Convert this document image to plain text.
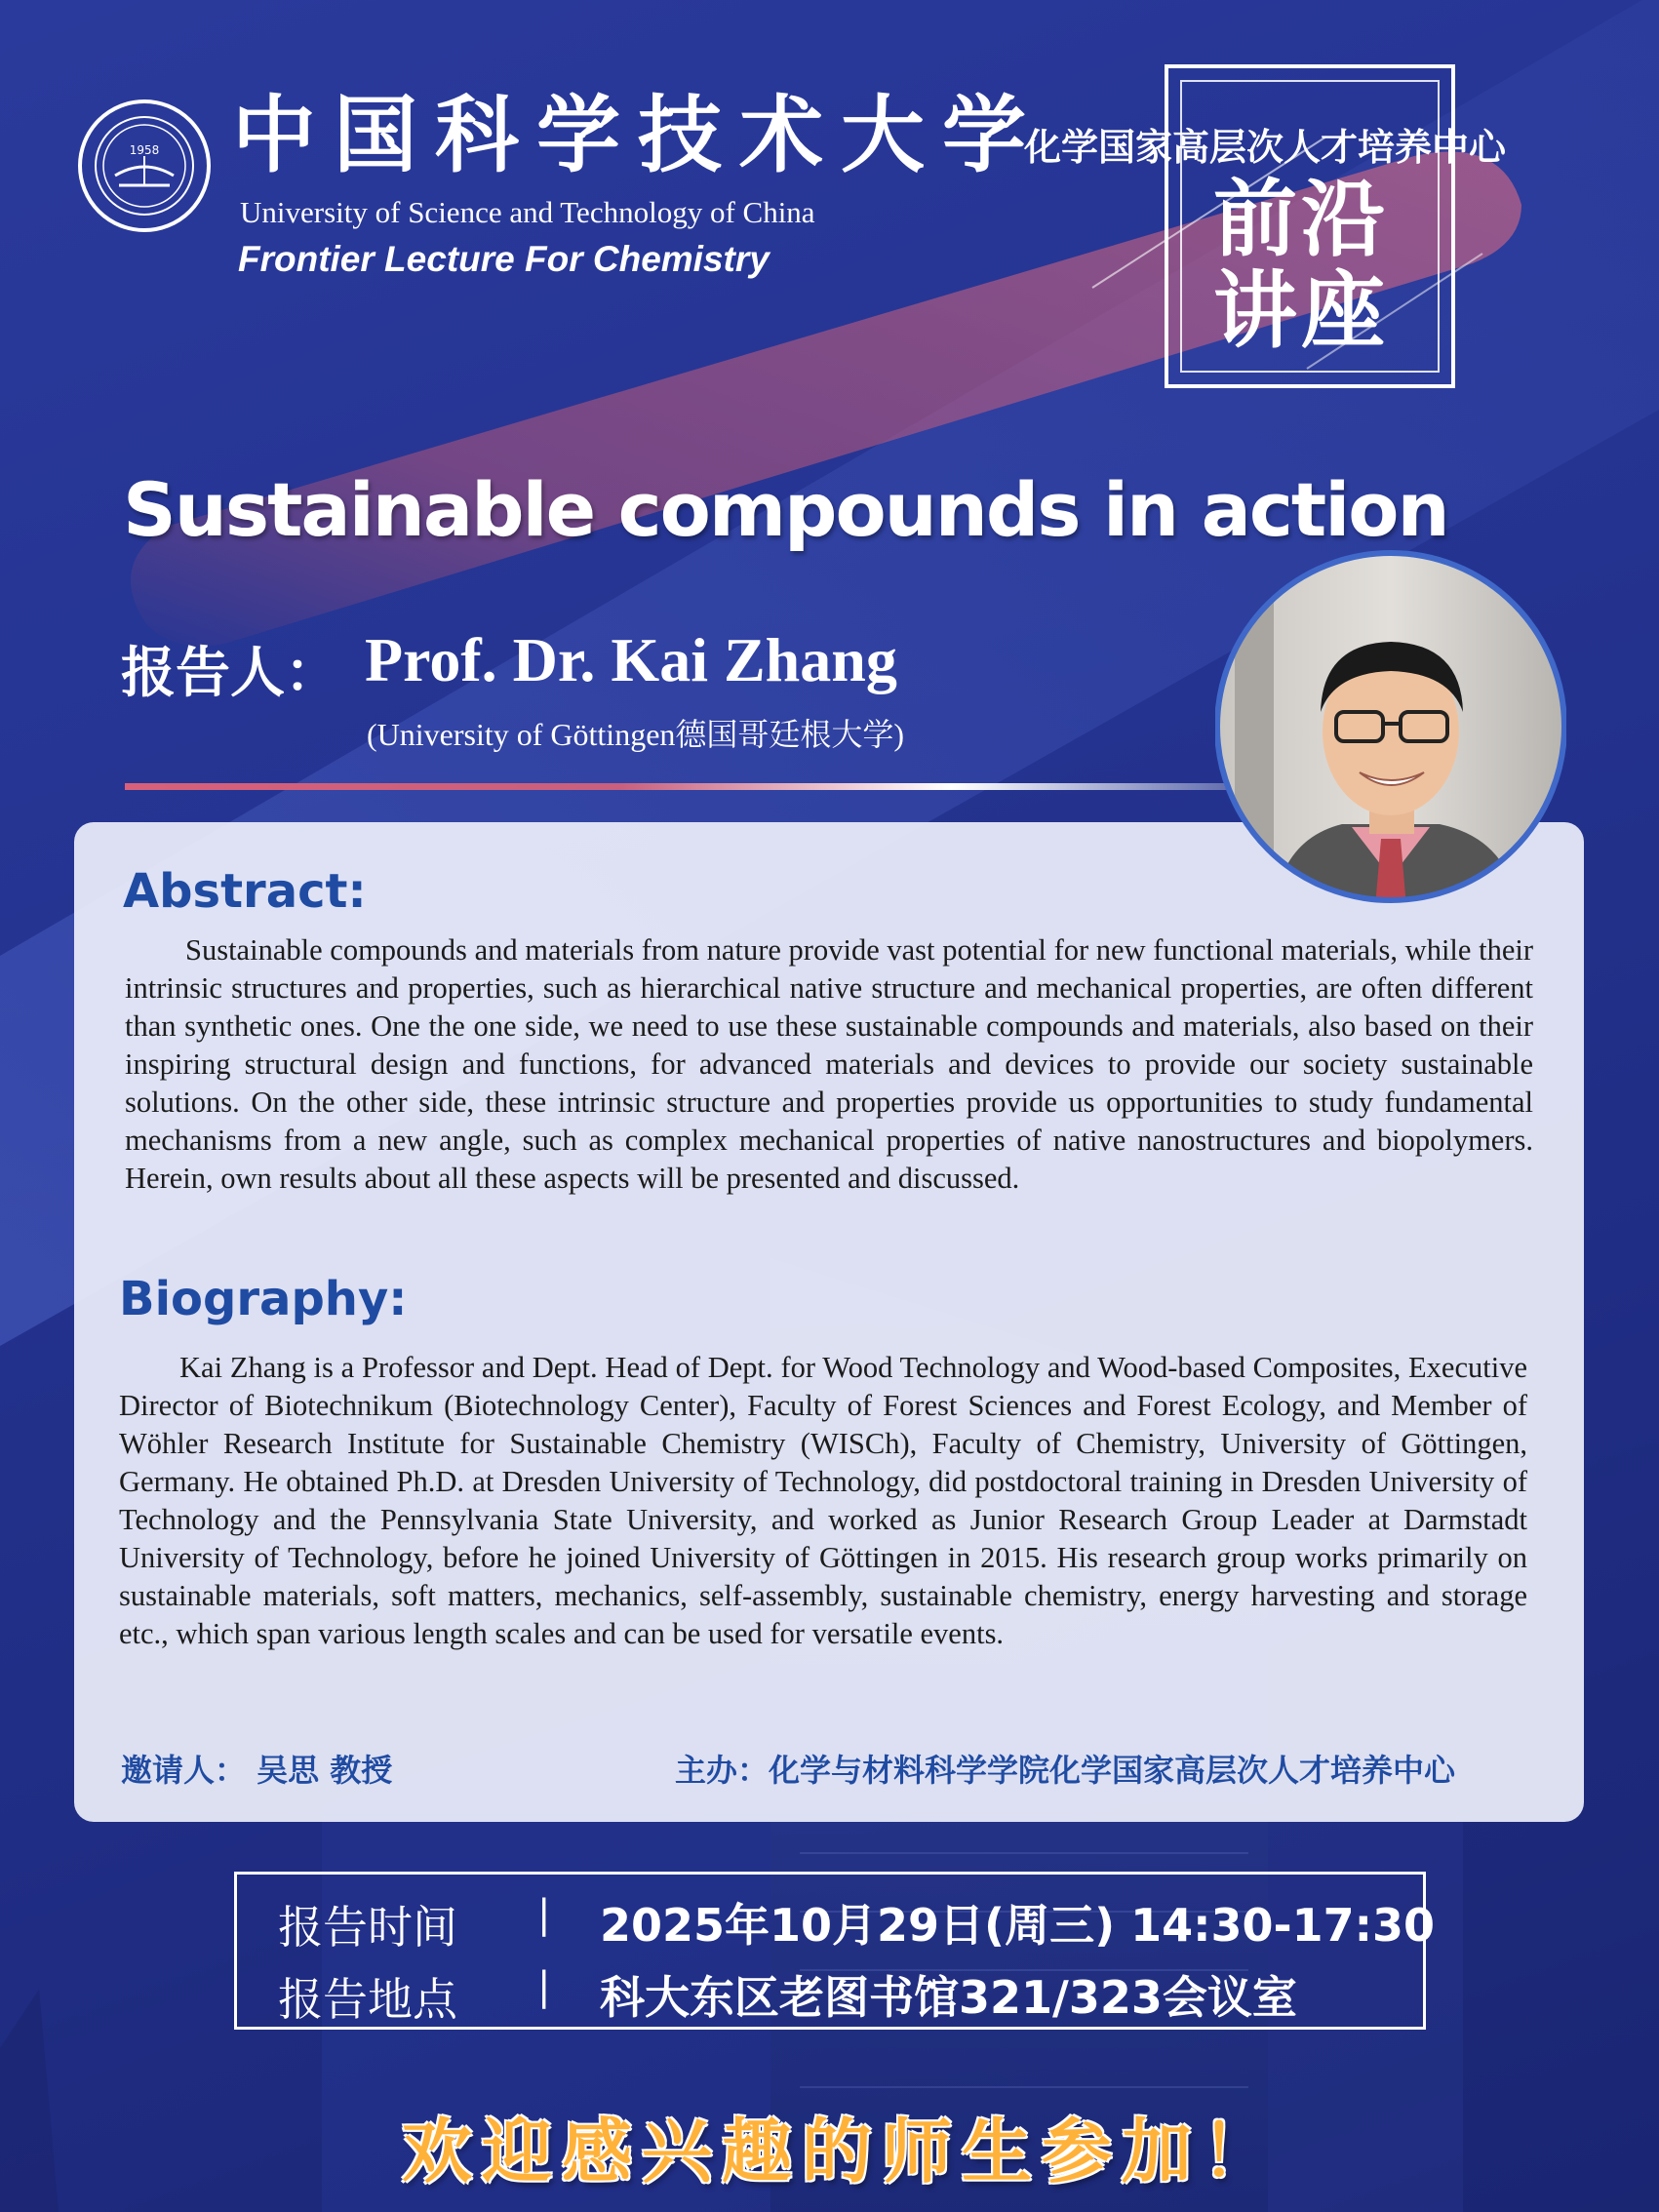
1958 中国科学技术大学
University of Science and Technology of China
Frontier Lecture For Chemistry
化学国家高层次人才培养中心
前沿
讲座
Sustainable compounds in action
报告人： Prof. Dr. Kai Zhang
(University of Göttingen德国哥廷根大学)
Abstract:

Sustainable compounds and materials from nature provide vast potential for new functional materials, while their intrinsic structures and properties, such as hierarchical native structure and mechanical properties, are often different than synthetic ones. One the one side, we need to use these sustainable compounds and materials, also based on their inspiring structural design and functions, for advanced materials and devices to provide our society sustainable solutions. On the other side, these intrinsic structure and properties provide us opportunities to study fundamental mechanisms from a new angle, such as complex mechanical properties of native nanostructures and biopolymers. Herein, own results about all these aspects will be presented and discussed.

Biography:

Kai Zhang is a Professor and Dept. Head of Dept. for Wood Technology and Wood-based Composites, Executive Director of Biotechnikum (Biotechnology Center), Faculty of Forest Sciences and Forest Ecology, and Member of Wöhler Research Institute for Sustainable Chemistry (WISCh), Faculty of Chemistry, University of Göttingen, Germany. He obtained Ph.D. at Dresden University of Technology, did postdoctoral training in Dresden University of Technology and the Pennsylvania State University, and worked as Junior Research Group Leader at Darmstadt University of Technology, before he joined University of Göttingen in 2015. His research group works primarily on sustainable materials, soft matters, mechanics, self-assembly, sustainable chemistry, energy harvesting and storage etc., which span various length scales and can be used for versatile events.

邀请人： 吴思 教授	主办：化学与材料科学学院化学国家高层次人才培养中心
报告时间 | 2025年10月29日(周三) 14:30-17:30
报告地点 | 科大东区老图书馆321/323会议室
欢迎感兴趣的师生参加！
